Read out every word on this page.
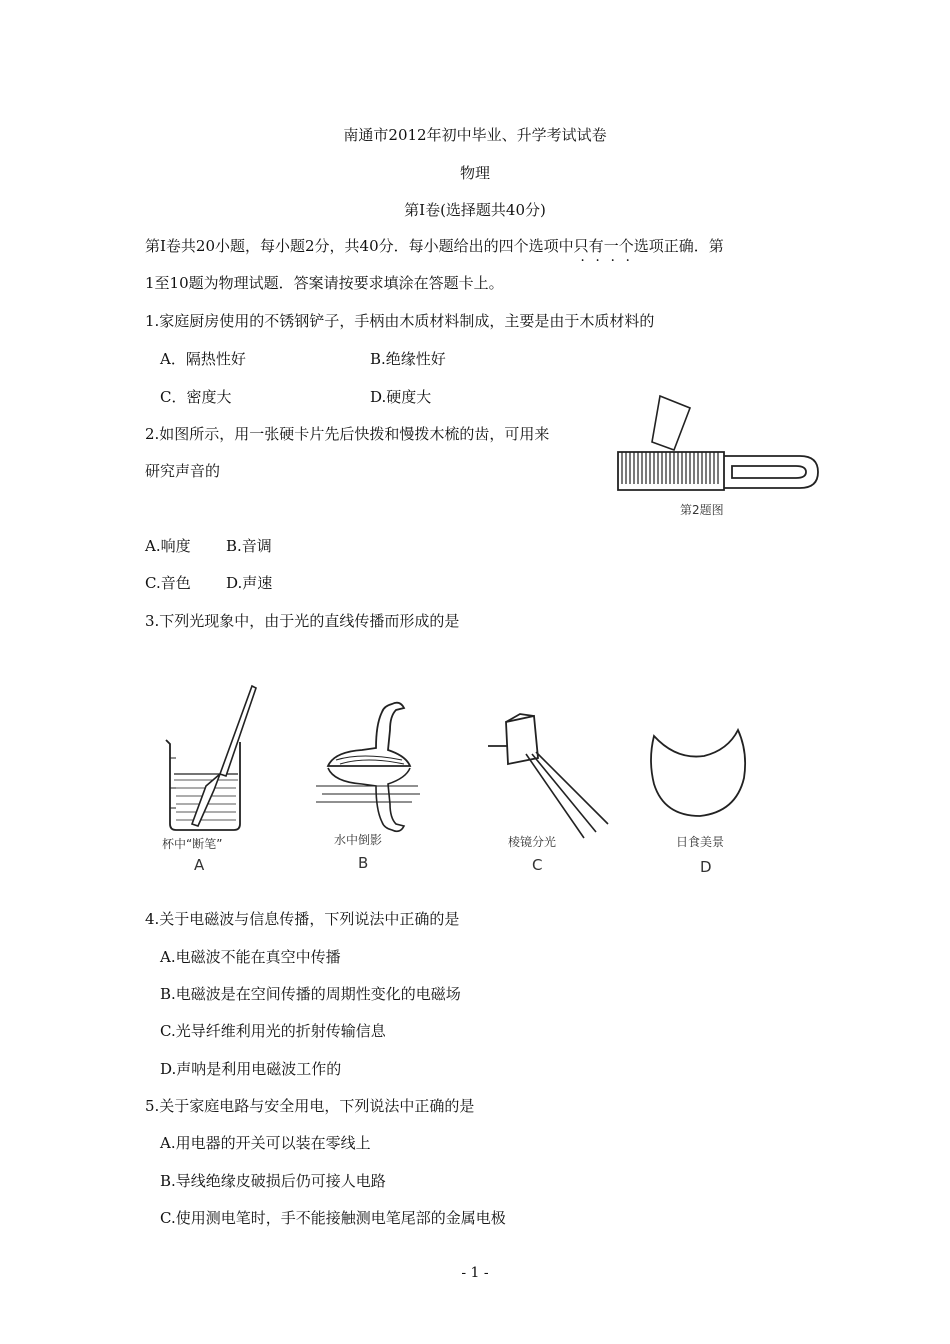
南通市2012年初中毕业、升学考试试卷
物理
第Ⅰ卷(选择题共40分)
第Ⅰ卷共20小题，每小题2分，共40分．每小题给出的四个选项中只有一个选项正确．第
1至10题为物理试题．答案请按要求填涂在答题卡上。
1.家庭厨房使用的不锈钢铲子，手柄由木质材料制成，主要是由于木质材料的
A．隔热性好	B.绝缘性好
C．密度大	D.硬度大
2.如图所示，用一张硬卡片先后快拨和慢拨木梳的齿，可用来
研究声音的
第2题图
A.响度 B.音调
C.音色 D.声速
3.下列光现象中，由于光的直线传播而形成的是
杯中“断笔”
A
水中倒影
B
棱镜分光
C
日食美景
D
4.关于电磁波与信息传播，下列说法中正确的是
A.电磁波不能在真空中传播
B.电磁波是在空间传播的周期性变化的电磁场
C.光导纤维利用光的折射传输信息
D.声呐是利用电磁波工作的
5.关于家庭电路与安全用电，下列说法中正确的是
A.用电器的开关可以装在零线上
B.导线绝缘皮破损后仍可接人电路
C.使用测电笔时，手不能接触测电笔尾部的金属电极
- 1 -
